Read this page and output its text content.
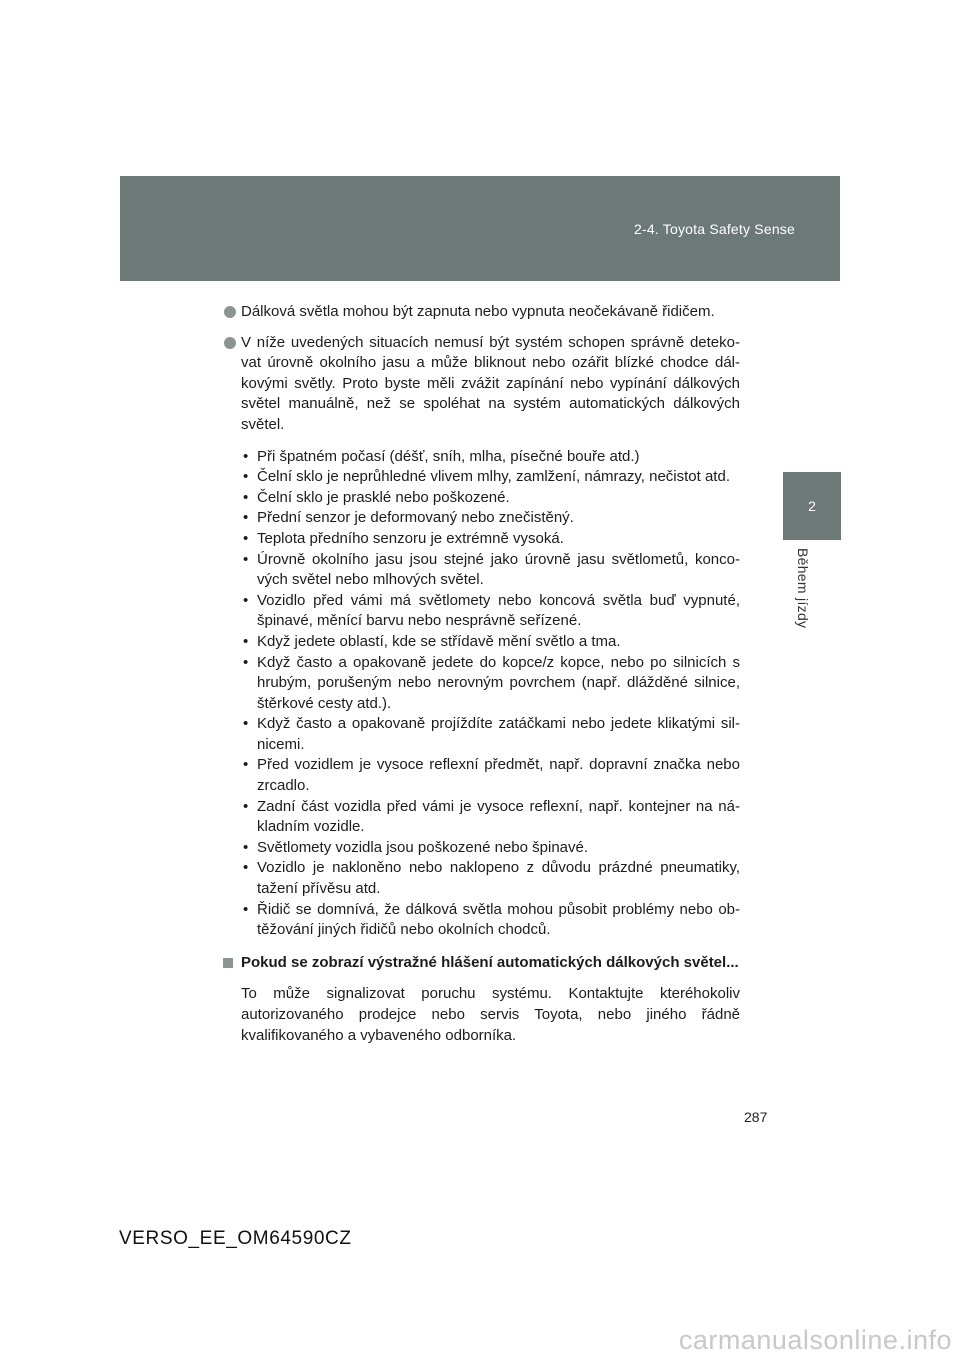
2-4. Toyota Safety Sense
2
Během jízdy
Dálková světla mohou být zapnuta nebo vypnuta neočekávaně řidičem.
V níže uvedených situacích nemusí být systém schopen správně detekovat úrovně okolního jasu a může bliknout nebo ozářit blízké chodce dálkovými světly. Proto byste měli zvážit zapínání nebo vypínání dálkových světel manuálně, než se spoléhat na systém automatických dálkových světel.
• Při špatném počasí (déšť, sníh, mlha, písečné bouře atd.)
• Čelní sklo je neprůhledné vlivem mlhy, zamlžení, námrazy, nečistot atd.
• Čelní sklo je prasklé nebo poškozené.
• Přední senzor je deformovaný nebo znečistěný.
• Teplota předního senzoru je extrémně vysoká.
• Úrovně okolního jasu jsou stejné jako úrovně jasu světlometů, koncových světel nebo mlhových světel.
• Vozidlo před vámi má světlomety nebo koncová světla buď vypnuté, špinavé, měnící barvu nebo nesprávně seřízené.
• Když jedete oblastí, kde se střídavě mění světlo a tma.
• Když často a opakovaně jedete do kopce/z kopce, nebo po silnicích s hrubým, porušeným nebo nerovným povrchem (např. dlážděné silnice, štěrkové cesty atd.).
• Když často a opakovaně projíždíte zatáčkami nebo jedete klikatými silnicemi.
• Před vozidlem je vysoce reflexní předmět, např. dopravní značka nebo zrcadlo.
• Zadní část vozidla před vámi je vysoce reflexní, např. kontejner na nákladním vozidle.
• Světlomety vozidla jsou poškozené nebo špinavé.
• Vozidlo je nakloněno nebo naklopeno z důvodu prázdné pneumatiky, tažení přívěsu atd.
• Řidič se domnívá, že dálková světla mohou působit problémy nebo obtěžování jiných řidičů nebo okolních chodců.
Pokud se zobrazí výstražné hlášení automatických dálkových světel...
To může signalizovat poruchu systému. Kontaktujte kteréhokoliv autorizovaného prodejce nebo servis Toyota, nebo jiného řádně kvalifikovaného a vybaveného odborníka.
287
VERSO_EE_OM64590CZ
carmanualsonline.info
